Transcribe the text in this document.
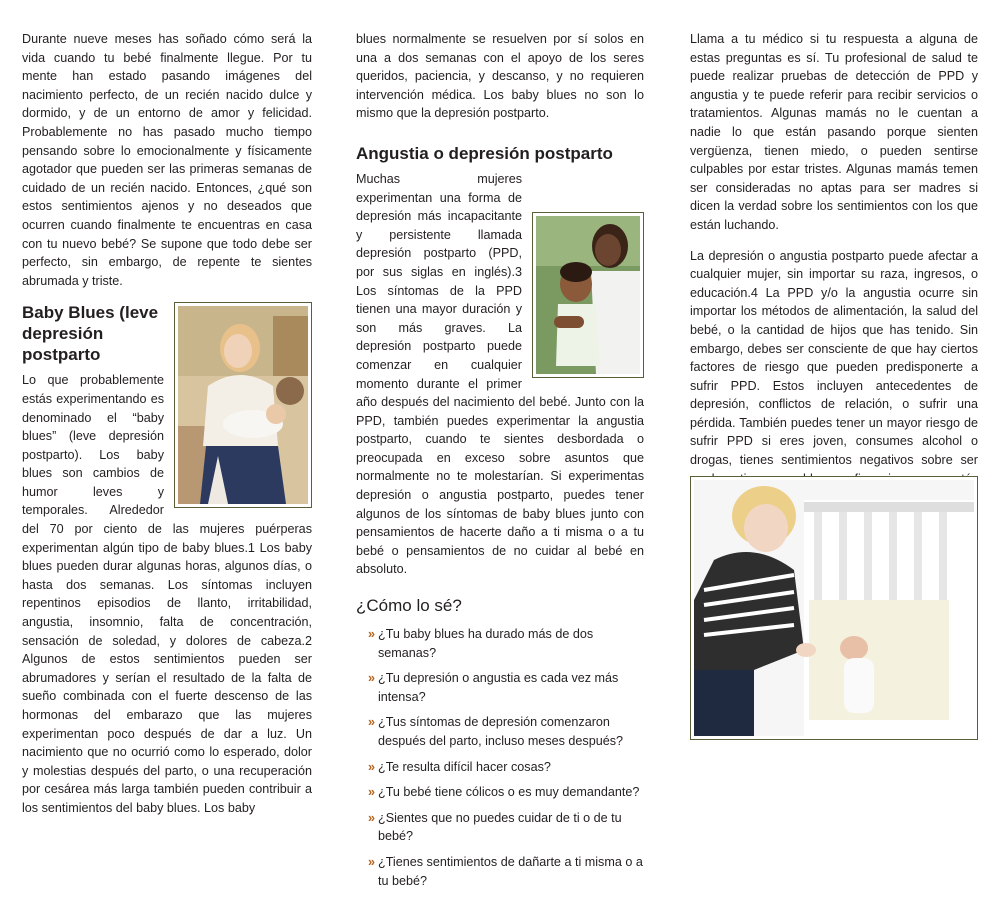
Durante nueve meses has soñado cómo será la vida cuando tu bebé finalmente llegue. Por tu mente han estado pasando imágenes del nacimiento perfecto, de un recién nacido dulce y dormido, y de un entorno de amor y felicidad. Probablemente no has pasado mucho tiempo pensando sobre lo emocionalmente y físicamente agotador que pueden ser las primeras semanas de cuidado de un recién nacido. Entonces, ¿qué son estos sentimientos ajenos y no deseados que ocurren cuando finalmente te encuentras en casa con tu nuevo bebé? Se supone que todo debe ser perfecto, sin embargo, de repente te sientes abrumada y triste.

Baby Blues (leve depresión postparto

Lo que probablemente estás experimentando es denominado el “baby blues” (leve depresión postparto). Los baby blues son cambios de humor leves y temporales. Alrededor del 70 por ciento de las mujeres puérperas experimentan algún tipo de baby blues.1 Los baby blues pueden durar algunas horas, algunos días, o hasta dos semanas. Los síntomas incluyen repentinos episodios de llanto, irritabilidad, angustia, insomnio, falta de concentración, sensación de soledad, y dolores de cabeza.2 Algunos de estos sentimientos pueden ser abrumadores y serían el resultado de la falta de sueño combinada con el fuerte descenso de las hormonas del embarazo que las mujeres experimentan poco después de dar a luz. Un nacimiento que no ocurrió como lo esperado, dolor y molestias después del parto, o una recuperación por cesárea más larga también pueden contribuir a los sentimientos del baby blues. Los baby

blues normalmente se resuelven por sí solos en una a dos semanas con el apoyo de los seres queridos, paciencia, y descanso, y no requieren intervención médica. Los baby blues no son lo mismo que la depresión postparto.

Angustia o depresión postparto

Muchas mujeres experimentan una forma de depresión más incapacitante y persistente llamada depresión postparto (PPD, por sus siglas en inglés).3 Los síntomas de la PPD tienen una mayor duración y son más graves. La depresión postparto puede comenzar en cualquier momento durante el primer año después del nacimiento del bebé. Junto con la PPD, también puedes experimentar la angustia postparto, cuando te sientes desbordada o preocupada en exceso sobre asuntos que normalmente no te molestarían. Si experimentas depresión o angustia postparto, puedes tener algunos de los síntomas de baby blues junto con pensamientos de hacerte daño a ti misma o a tu bebé o pensamientos de no cuidar al bebé en absoluto.

¿Cómo lo sé?
» ¿Tu baby blues ha durado más de dos semanas?
» ¿Tu depresión o angustia es cada vez más intensa?
» ¿Tus síntomas de depresión comenzaron después del parto, incluso meses después?
» ¿Te resulta difícil hacer cosas?
» ¿Tu bebé tiene cólicos o es muy demandante?
» ¿Sientes que no puedes cuidar de ti o de tu bebé?
» ¿Tienes sentimientos de dañarte a ti misma o a tu bebé?

Llama a tu médico si tu respuesta a alguna de estas preguntas es sí. Tu profesional de salud te puede realizar pruebas de detección de PPD y angustia y te puede referir para recibir servicios o tratamientos. Algunas mamás no le cuentan a nadie lo que están pasando porque sienten vergüenza, tienen miedo, o pueden sentirse culpables por estar tristes. Algunas mamás temen ser consideradas no aptas para ser madres si dicen la verdad sobre los sentimientos con los que están luchando.

La depresión o angustia postparto puede afectar a cualquier mujer, sin importar su raza, ingresos, o educación.4 La PPD y/o la angustia ocurre sin importar los métodos de alimentación, la salud del bebé, o la cantidad de hijos que has tenido. Sin embargo, debes ser consciente de que hay ciertos factores de riesgo que pueden predisponerte a sufrir PPD. Estos incluyen antecedentes de depresión, conflictos de relación, o sufrir una pérdida. También puedes tener un mayor riesgo de sufrir PPD si eres joven, consumes alcohol o drogas, tienes sentimientos negativos sobre ser
